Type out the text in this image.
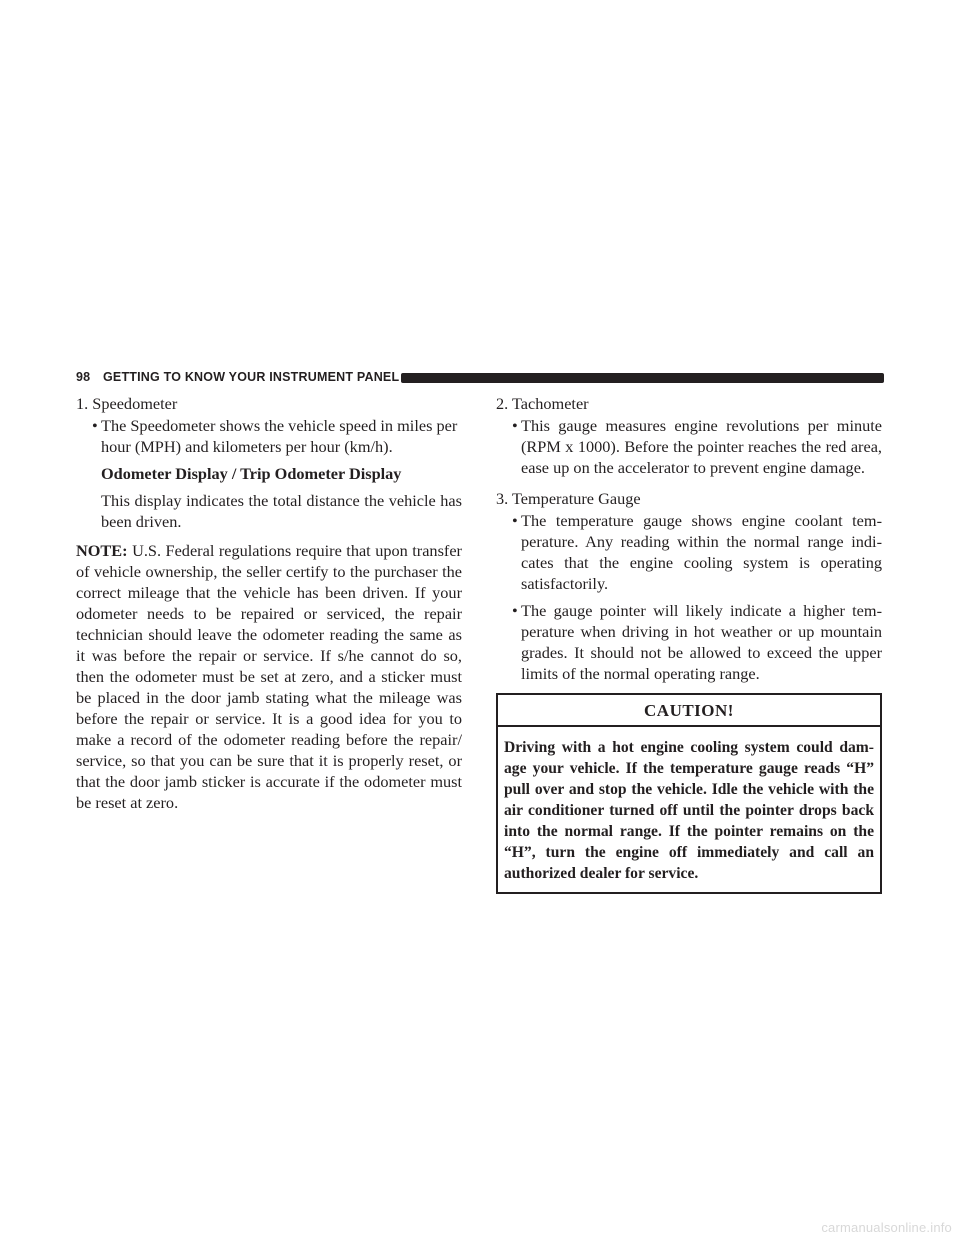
98 GETTING TO KNOW YOUR INSTRUMENT PANEL
1. Speedometer
• The Speedometer shows the vehicle speed in miles per
hour (MPH) and kilometers per hour (km/h).
Odometer Display / Trip Odometer Display
This display indicates the total distance the vehicle has been driven.
NOTE: U.S. Federal regulations require that upon transfer of vehicle ownership, the seller certify to the purchaser the correct mileage that the vehicle has been driven. If your odometer needs to be repaired or serviced, the repair technician should leave the odometer reading the same as it was before the repair or service. If s/he cannot do so, then the odometer must be set at zero, and a sticker must be placed in the door jamb stating what the mileage was before the repair or service. It is a good idea for you to make a record of the odometer reading before the repair/ service, so that you can be sure that it is properly reset, or that the door jamb sticker is accurate if the odometer must be reset at zero.
2. Tachometer
• This gauge measures engine revolutions per minute (RPM x 1000). Before the pointer reaches the red area, ease up on the accelerator to prevent engine damage.
3. Temperature Gauge
• The temperature gauge shows engine coolant tem- perature. Any reading within the normal range indi- cates that the engine cooling system is operating satisfactorily.
• The gauge pointer will likely indicate a higher tem- perature when driving in hot weather or up mountain grades. It should not be allowed to exceed the upper limits of the normal operating range.
CAUTION!
Driving with a hot engine cooling system could dam- age your vehicle. If the temperature gauge reads “H” pull over and stop the vehicle. Idle the vehicle with the air conditioner turned off until the pointer drops back into the normal range. If the pointer remains on the “H”, turn the engine off immediately and call an authorized dealer for service.
carmanualsonline.info
